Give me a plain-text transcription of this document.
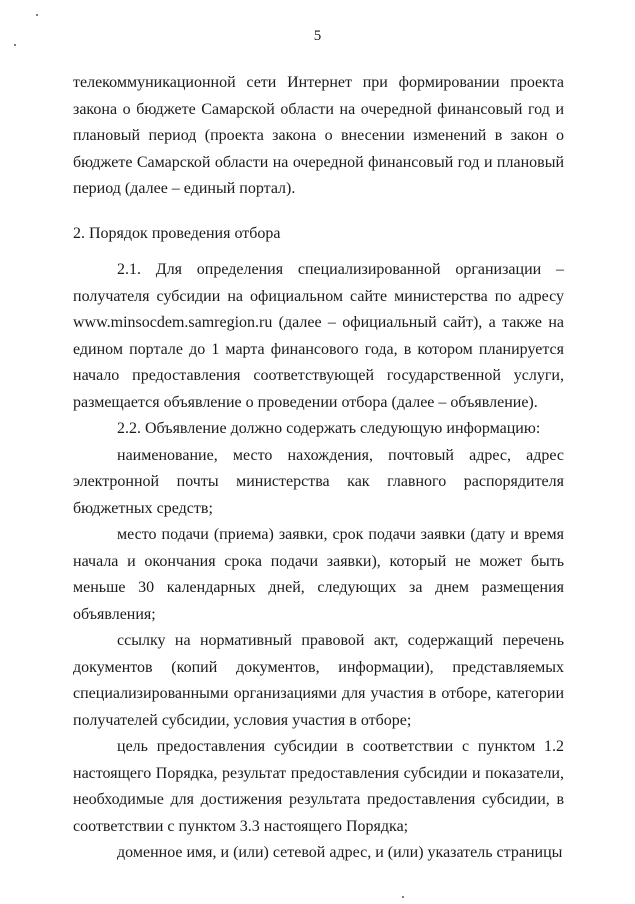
5

телекоммуникационной сети Интернет при формировании проекта закона о бюджете Самарской области на очередной финансовый год и плановый период (проекта закона о внесении изменений в закон о бюджете Самарской области на очередной финансовый год и плановый период (далее – единый портал).

2. Порядок проведения отбора

2.1. Для определения специализированной организации – получателя субсидии на официальном сайте министерства по адресу www.minsocdem.samregion.ru (далее – официальный сайт), а также на едином портале до 1 марта финансового года, в котором планируется начало предоставления соответствующей государственной услуги, размещается объявление о проведении отбора (далее – объявление).

2.2. Объявление должно содержать следующую информацию:

наименование, место нахождения, почтовый адрес, адрес электронной почты министерства как главного распорядителя бюджетных средств;

место подачи (приема) заявки, срок подачи заявки (дату и время начала и окончания срока подачи заявки), который не может быть меньше 30 календарных дней, следующих за днем размещения объявления;

ссылку на нормативный правовой акт, содержащий перечень документов (копий документов, информации), представляемых специализированными организациями для участия в отборе, категории получателей субсидии, условия участия в отборе;

цель предоставления субсидии в соответствии с пунктом 1.2 настоящего Порядка, результат предоставления субсидии и показатели, необходимые для достижения результата предоставления субсидии, в соответствии с пунктом 3.3 настоящего Порядка;

доменное имя, и (или) сетевой адрес, и (или) указатель страницы
